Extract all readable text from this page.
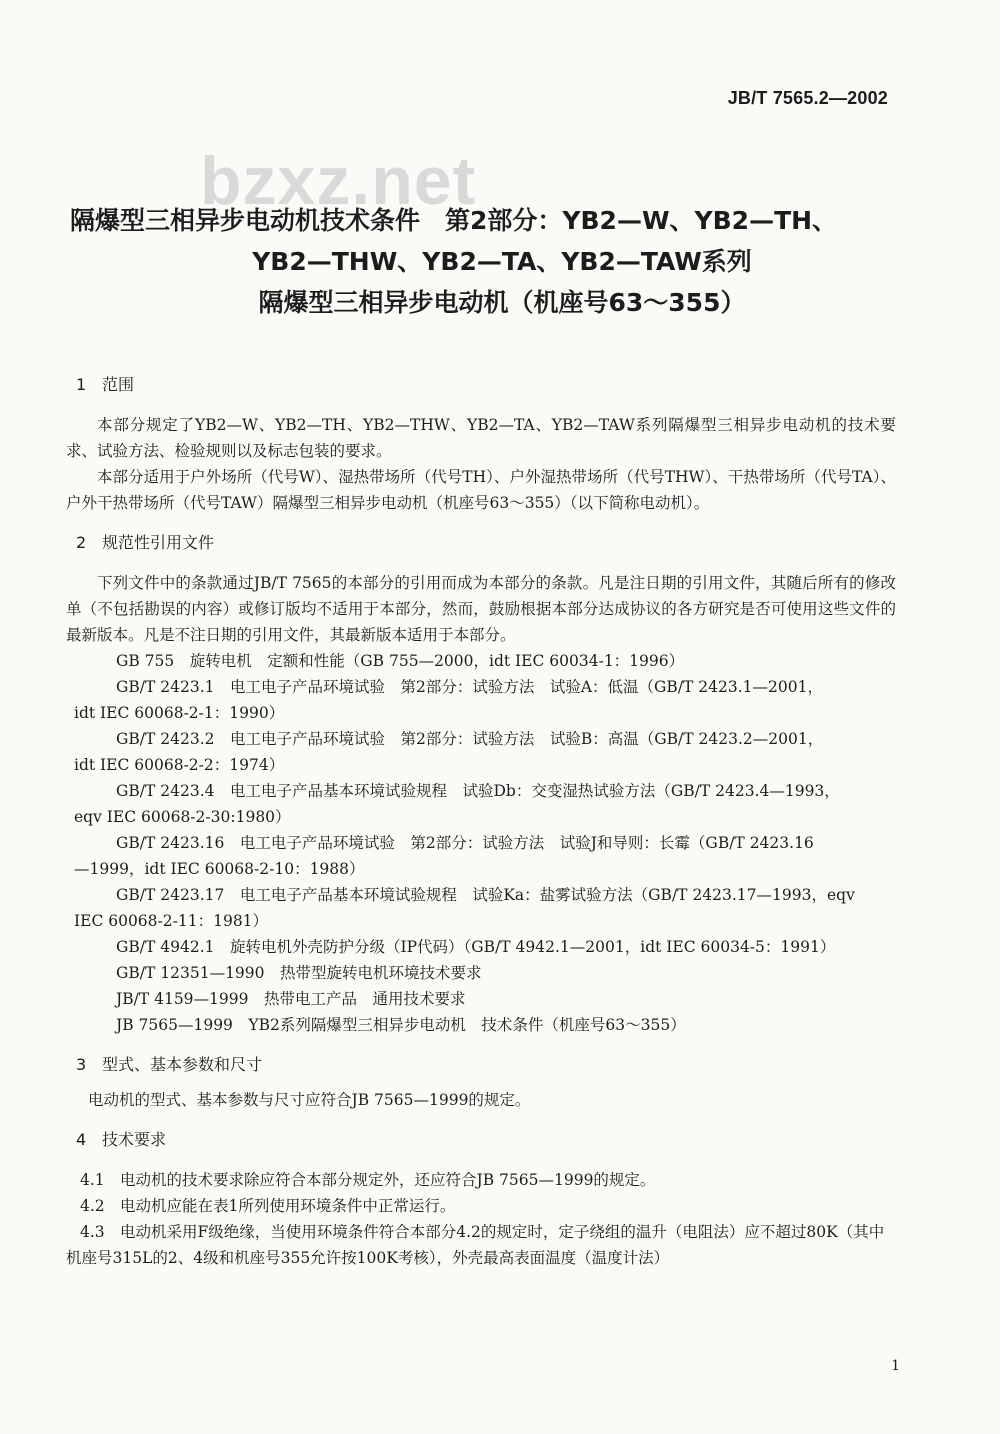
bzxz.net
JB/T 7565.2—2002
隔爆型三相异步电动机技术条件　第2部分：YB2—W、YB2—TH、
YB2—THW、YB2—TA、YB2—TAW系列
隔爆型三相异步电动机（机座号63～355）
1 范围

本部分规定了YB2—W、YB2—TH、YB2—THW、YB2—TA、YB2—TAW系列隔爆型三相异步电动机的技术要求、试验方法、检验规则以及标志包装的要求。

本部分适用于户外场所（代号W）、湿热带场所（代号TH）、户外湿热带场所（代号THW）、干热带场所（代号TA）、户外干热带场所（代号TAW）隔爆型三相异步电动机（机座号63～355）（以下简称电动机）。

2 规范性引用文件

下列文件中的条款通过JB/T 7565的本部分的引用而成为本部分的条款。凡是注日期的引用文件，其随后所有的修改单（不包括勘误的内容）或修订版均不适用于本部分，然而，鼓励根据本部分达成协议的各方研究是否可使用这些文件的最新版本。凡是不注日期的引用文件，其最新版本适用于本部分。

GB 755　旋转电机　定额和性能（GB 755—2000，idt IEC 60034-1：1996）

GB/T 2423.1　电工电子产品环境试验　第2部分：试验方法　试验A：低温（GB/T 2423.1—2001，

idt IEC 60068-2-1：1990）

GB/T 2423.2　电工电子产品环境试验　第2部分：试验方法　试验B：高温（GB/T 2423.2—2001，

idt IEC 60068-2-2：1974）

GB/T 2423.4　电工电子产品基本环境试验规程　试验Db：交变湿热试验方法（GB/T 2423.4—1993，

eqv IEC 60068-2-30:1980）

GB/T 2423.16　电工电子产品环境试验　第2部分：试验方法　试验J和导则：长霉（GB/T 2423.16

—1999，idt IEC 60068-2-10：1988）

GB/T 2423.17　电工电子产品基本环境试验规程　试验Ka：盐雾试验方法（GB/T 2423.17—1993，eqv

IEC 60068-2-11：1981）

GB/T 4942.1　旋转电机外壳防护分级（IP代码）（GB/T 4942.1—2001，idt IEC 60034-5：1991）

GB/T 12351—1990　热带型旋转电机环境技术要求

JB/T 4159—1999　热带电工产品　通用技术要求

JB 7565—1999　YB2系列隔爆型三相异步电动机　技术条件（机座号63～355）

3 型式、基本参数和尺寸

电动机的型式、基本参数与尺寸应符合JB 7565—1999的规定。

4 技术要求

4.1 电动机的技术要求除应符合本部分规定外，还应符合JB 7565—1999的规定。

4.2 电动机应能在表1所列使用环境条件中正常运行。

4.3 电动机采用F级绝缘，当使用环境条件符合本部分4.2的规定时，定子绕组的温升（电阻法）应不超过80K（其中机座号315L的2、4级和机座号355允许按100K考核），外壳最高表面温度（温度计法）

1
